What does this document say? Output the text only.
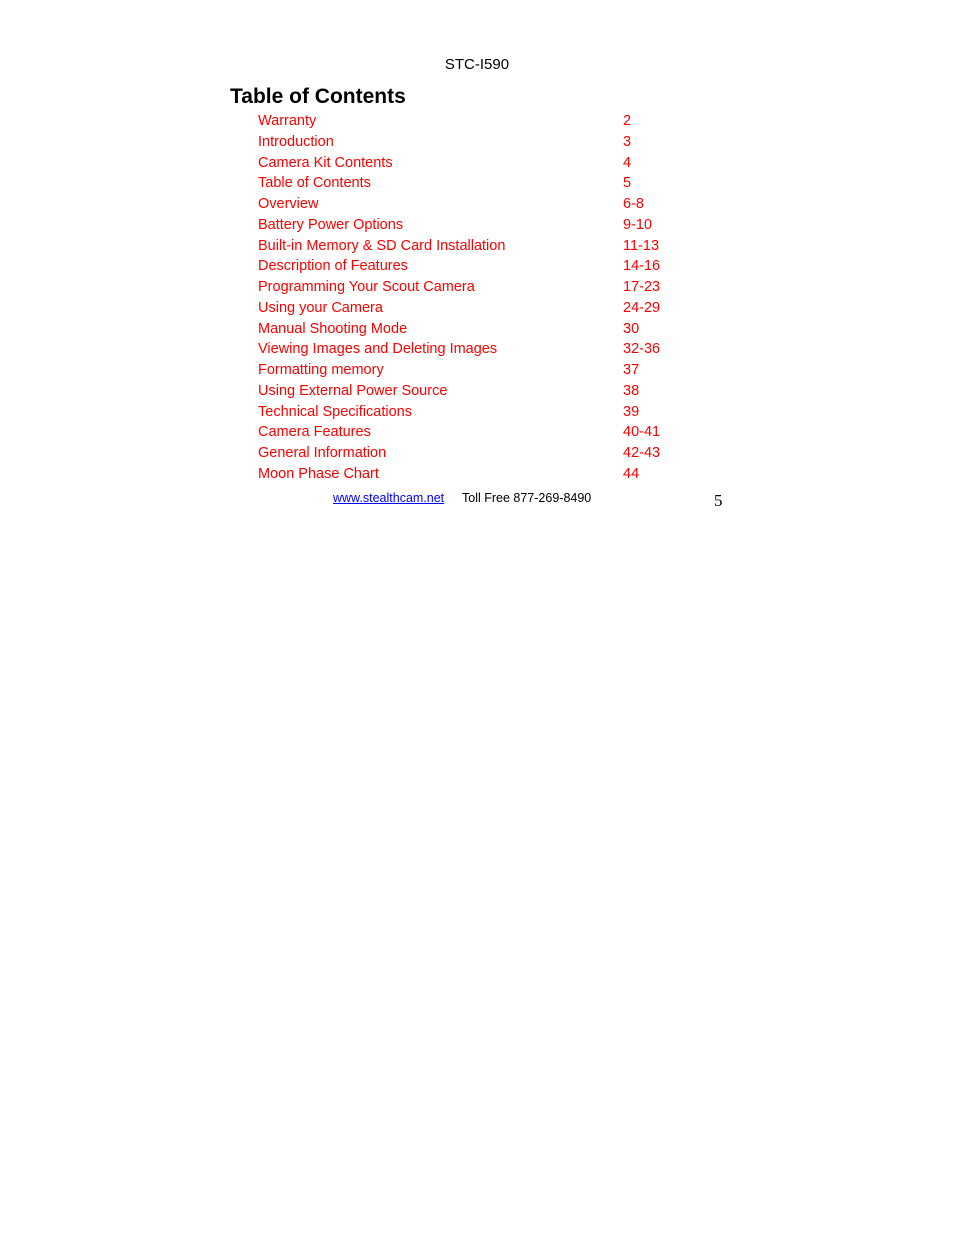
STC-I590
Table of Contents
Warranty	2
Introduction	3
Camera Kit Contents	4
Table of Contents	5
Overview	6-8
Battery Power Options	9-10
Built-in Memory & SD Card Installation	11-13
Description of Features	14-16
Programming Your Scout Camera	17-23
Using your Camera	24-29
Manual Shooting Mode	30
Viewing Images and Deleting Images	32-36
Formatting memory	37
Using External Power Source	38
Technical Specifications	39
Camera Features	40-41
General Information	42-43
Moon Phase Chart	44
www.stealthcam.net Toll Free 877-269-8490	5
